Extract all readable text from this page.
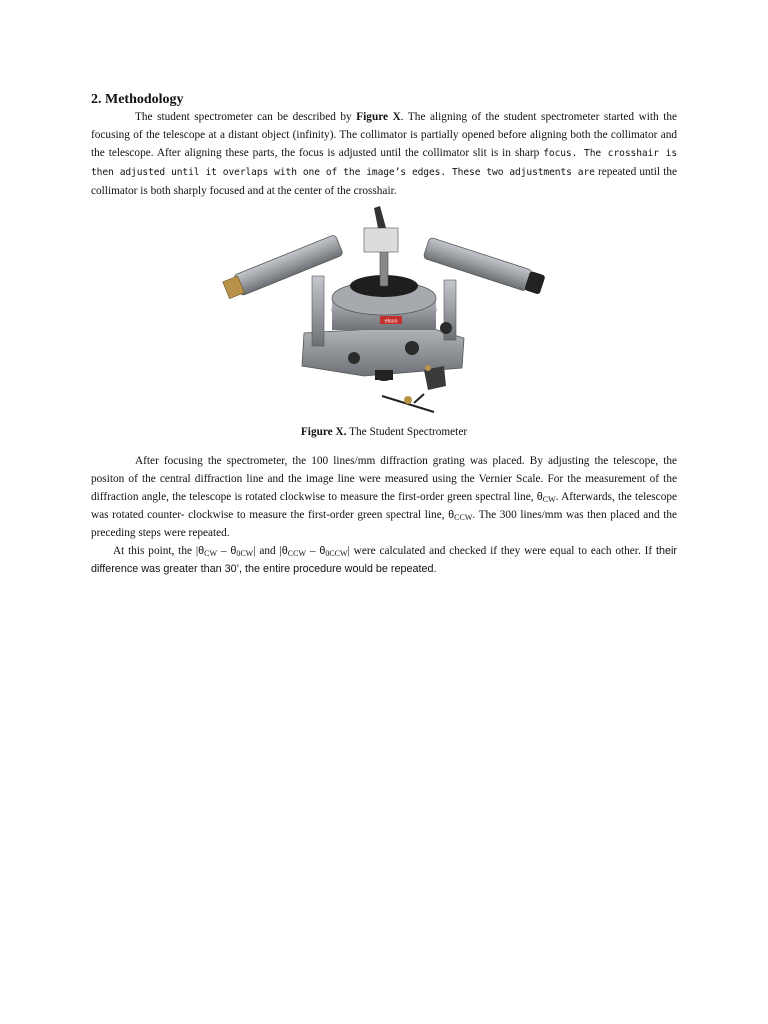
2. Methodology

The student spectrometer can be described by Figure X. The aligning of the student spectrometer started with the focusing of the telescope at a distant object (infinity). The collimator is partially opened before aligning both the collimator and the telescope. After aligning these parts, the focus is adjusted until the collimator slit is in sharp focus. The crosshair is then adjusted until it overlaps with one of the image’s edges. These two adjustments are repeated until the collimator is both sharply focused and at the center of the crosshair.

elsco

Figure X. The Student Spectrometer

After focusing the spectrometer, the 100 lines/mm diffraction grating was placed. By adjusting the telescope, the positon of the central diffraction line and the image line were measured using the Vernier Scale. For the measurement of the diffraction angle, the telescope is rotated clockwise to measure the first-order green spectral line, $\theta_{CW}$. Afterwards, the telescope was rotated counter- clockwise to measure the first-order green spectral line, $\theta_{CCW}$. The 300 lines/mm was then placed and the preceding steps were repeated.

At this point, the $|\theta_{CW} - \theta_{0CW}|$ and $|\theta_{CCW} - \theta_{0CCW}|$ were calculated and checked if they were equal to each other. If their difference was greater than 30’, the entire procedure would be repeated.
